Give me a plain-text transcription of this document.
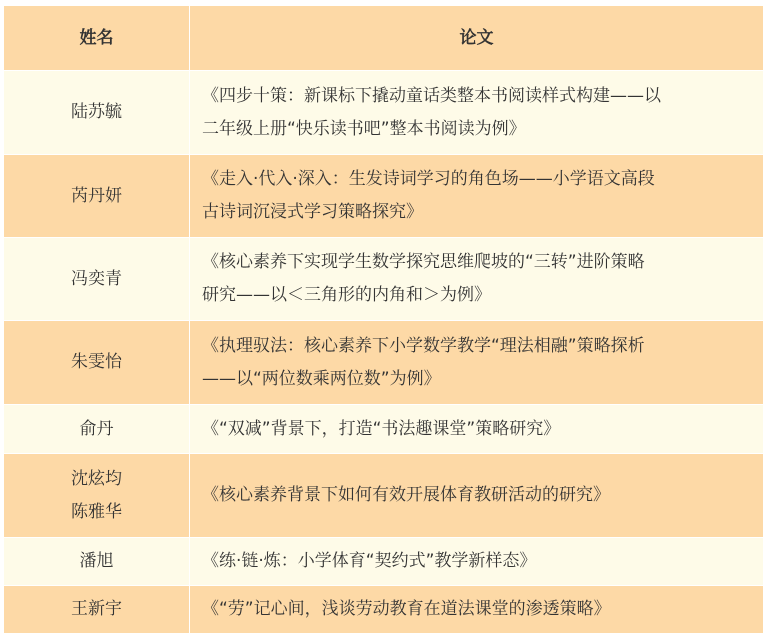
姓名	论文

陆苏毓	《四步十策：新课标下撬动童话类整本书阅读样式构建——以
二年级上册“快乐读书吧”整本书阅读为例》

芮丹妍	《走入·代入·深入：生发诗词学习的角色场——小学语文高段
古诗词沉浸式学习策略探究》

冯奕青	《核心素养下实现学生数学探究思维爬坡的“三转”进阶策略
研究——以＜三角形的内角和＞为例》

朱雯怡	《执理驭法：核心素养下小学数学教学“理法相融”策略探析
——以“两位数乘两位数”为例》

俞丹	《“双减”背景下，打造“书法趣课堂”策略研究》

沈炫均
陈雅华	《核心素养背景下如何有效开展体育教研活动的研究》

潘旭	《练·链·炼：小学体育“契约式”教学新样态》

王新宇	《“劳”记心间，浅谈劳动教育在道法课堂的渗透策略》
